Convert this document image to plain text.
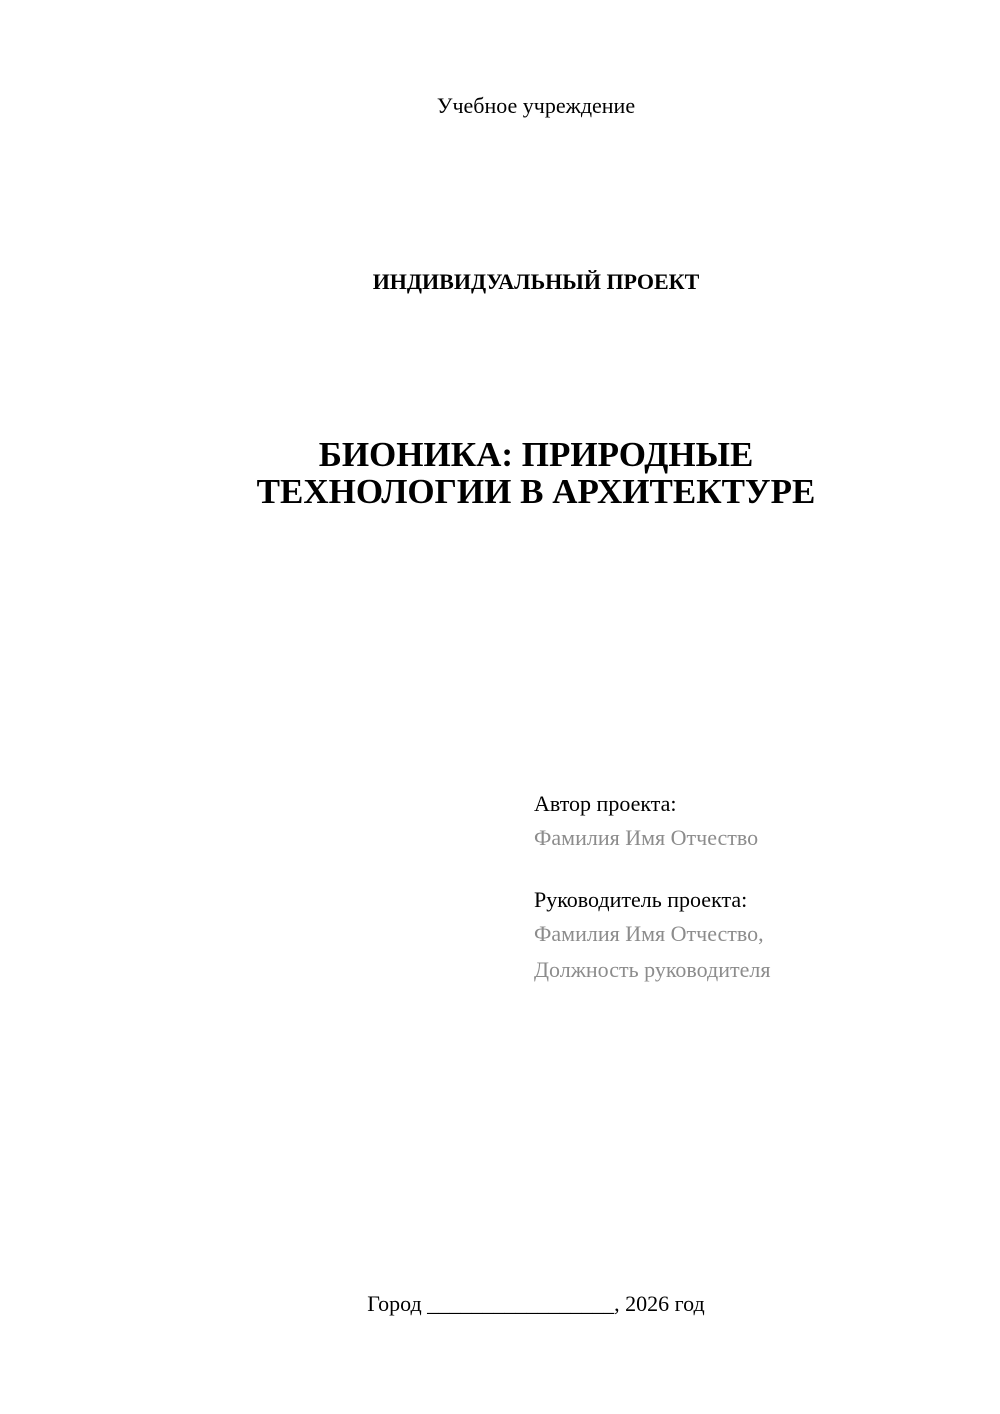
Учебное учреждение
ИНДИВИДУАЛЬНЫЙ ПРОЕКТ
БИОНИКА: ПРИРОДНЫЕ
ТЕХНОЛОГИИ В АРХИТЕКТУРЕ
Автор проекта:
Фамилия Имя Отчество
Руководитель проекта:
Фамилия Имя Отчество,
Должность руководителя
Город _________________, 2026 год
